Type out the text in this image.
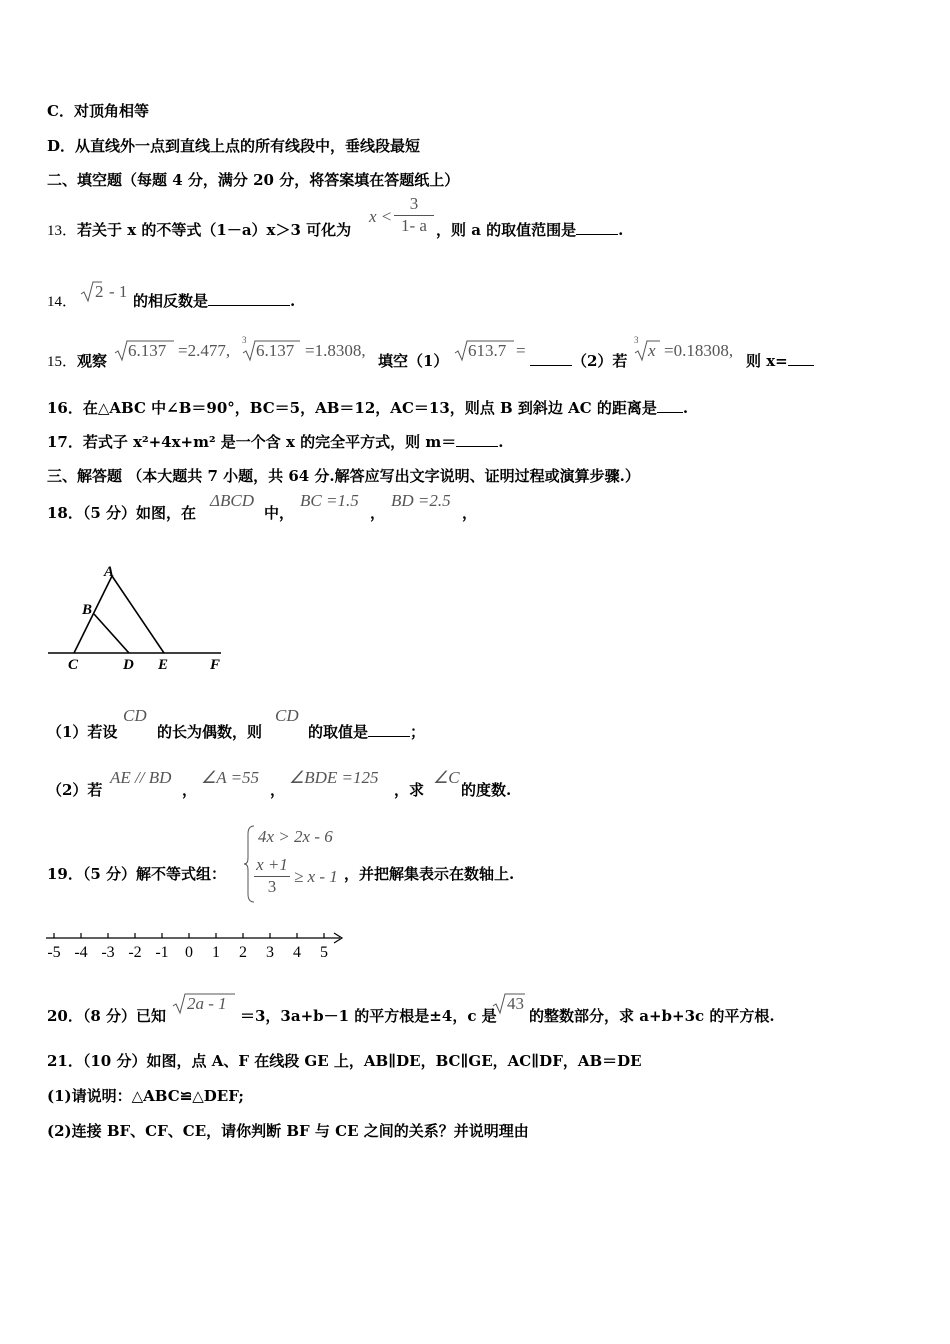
C．对顶角相等
D．从直线外一点到直线上点的所有线段中，垂线段最短
二、填空题（每题 4 分，满分 20 分，将答案填在答题纸上）
13．若关于 x 的不等式（1－a）x＞3 可化为
x <
3
1- a ，则 a 的取值范围是	.
14．
2 - 1 的相反数是	.
15．观察
6.137 =2.477,
3
6.137 =1.8308,
填空（1）
613.7 =
（2）若
3
x =0.18308,
则 x=
16．在△ABC 中∠B＝90°，BC＝5，AB＝12，AC＝13，则点 B 到斜边 AC 的距离是 .
17．若式子 x²+4x+m² 是一个含 x 的完全平方式，则 m＝	.
三、解答题 （本大题共 7 小题，共 64 分.解答应写出文字说明、证明过程或演算步骤.）
18．（5 分）如图，在
ΔBCD
中，
BC =1.5
，
BD =2.5
，
A
B
C	D E	F
（1）若设
CD
的长为偶数，则
CD
的取值是	；
（2）若
AE // BD
，
∠A =55
，
∠BDE =125
，求
∠C
的度数.
19．（5 分）解不等式组：
4x > 2x - 6
x +1
3
≥ x - 1 ，并把解集表示在数轴上.
-5 -4 -3 -2 -1 0 1 2 3 4 5
20．（8 分）已知
2a - 1
＝3，3a+b－1 的平方根是±4，c 是
43
的整数部分，求 a+b+3c 的平方根.
21．（10 分）如图，点 A、F 在线段 GE 上，AB∥DE，BC∥GE，AC∥DF，AB＝DE
(1)请说明：△ABC≌△DEF;
(2)连接 BF、CF、CE，请你判断 BF 与 CE 之间的关系？并说明理由
